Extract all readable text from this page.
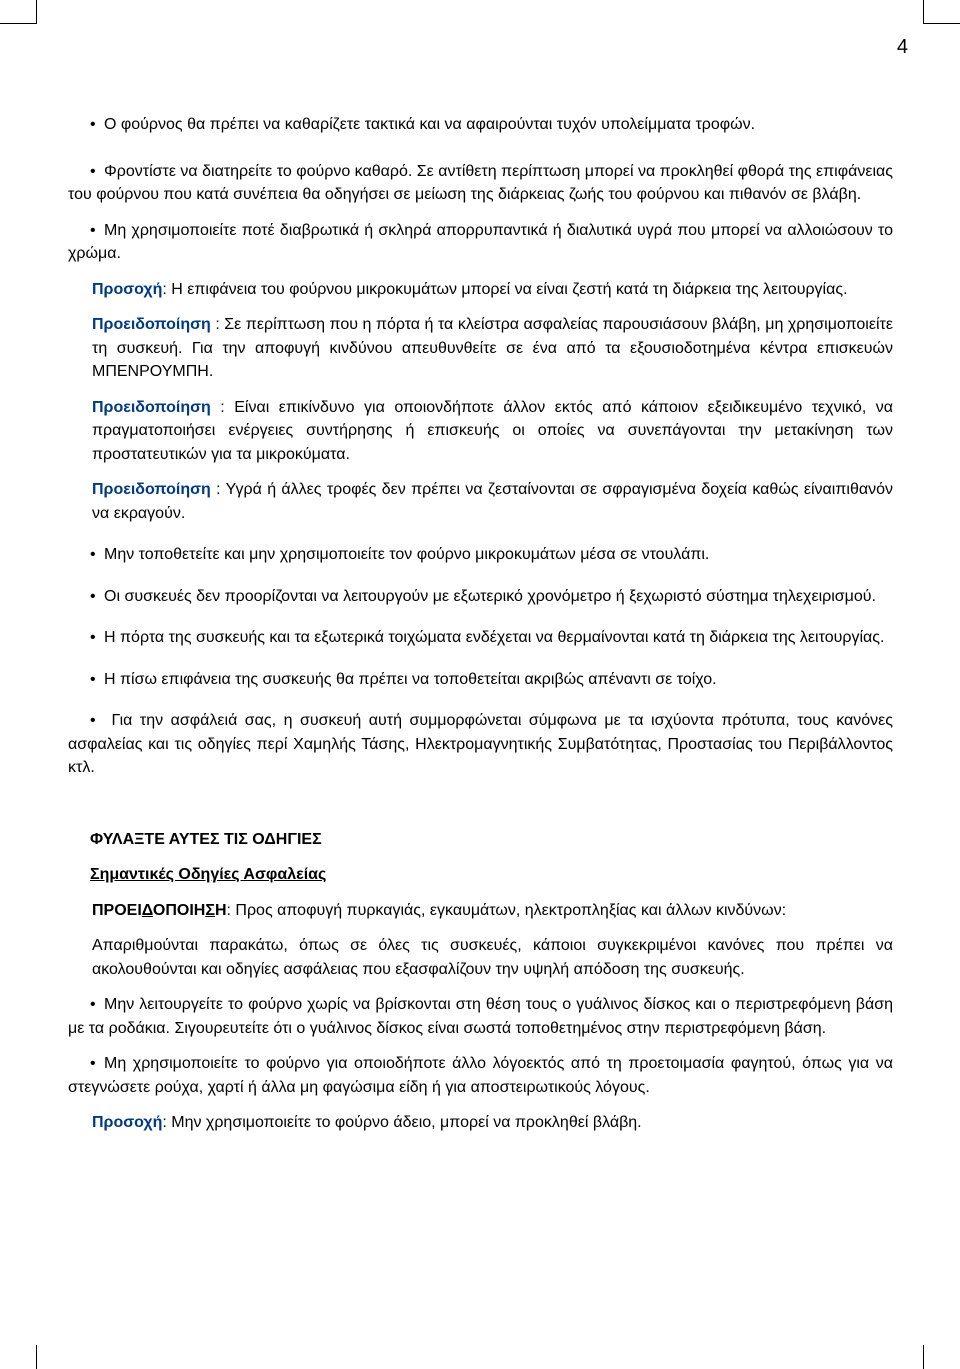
4

• Ο φούρνος θα πρέπει να καθαρίζετε τακτικά και να αφαιρούνται τυχόν υπολείμματα τροφών.

• Φροντίστε να διατηρείτε το φούρνο καθαρό. Σε αντίθετη περίπτωση μπορεί να προκληθεί φθορά της επιφάνειας του φούρνου που κατά συνέπεια θα οδηγήσει σε μείωση της διάρκειας ζωής του φούρνου και πιθανόν σε βλάβη.

• Μη χρησιμοποιείτε ποτέ διαβρωτικά ή σκληρά απορρυπαντικά ή διαλυτικά υγρά που μπορεί να αλλοιώσουν το χρώμα.

Προσοχή: Η επιφάνεια του φούρνου μικροκυμάτων μπορεί να είναι ζεστή κατά τη διάρκεια της λειτουργίας.

Προειδοποίηση : Σε περίπτωση που η πόρτα ή τα κλείστρα ασφαλείας παρουσιάσουν βλάβη, μη χρησιμοποιείτε τη συσκευή. Για την αποφυγή κινδύνου απευθυνθείτε σε ένα από τα εξουσιοδοτημένα κέντρα επισκευών ΜΠΕΝΡΟΥΜΠΗ.

Προειδοποίηση : Είναι επικίνδυνο για οποιονδήποτε άλλον εκτός από κάποιον εξειδικευμένο τεχνικό, να πραγματοποιήσει ενέργειες συντήρησης ή επισκευής οι οποίες να συνεπάγονται την μετακίνηση των προστατευτικών για τα μικροκύματα.

Προειδοποίηση : Υγρά ή άλλες τροφές δεν πρέπει να ζεσταίνονται σε σφραγισμένα δοχεία καθώς είναιπιθανόν να εκραγούν.

• Μην τοποθετείτε και μην χρησιμοποιείτε τον φούρνο μικροκυμάτων μέσα σε ντουλάπι.

• Οι συσκευές δεν προορίζονται να λειτουργούν με εξωτερικό χρονόμετρο ή ξεχωριστό σύστημα τηλεχειρισμού.

• Η πόρτα της συσκευής και τα εξωτερικά τοιχώματα ενδέχεται να θερμαίνονται κατά τη διάρκεια της λειτουργίας.

• Η πίσω επιφάνεια της συσκευής θα πρέπει να τοποθετείται ακριβώς απέναντι σε τοίχο.

• Για την ασφάλειά σας, η συσκευή αυτή συμμορφώνεται σύμφωνα με τα ισχύοντα πρότυπα, τους κανόνες ασφαλείας και τις οδηγίες περί Χαμηλής Τάσης, Ηλεκτρομαγνητικής Συμβατότητας, Προστασίας του Περιβάλλοντος κτλ.

ΦΥΛΑΞΤΕ ΑΥΤΕΣ ΤΙΣ ΟΔΗΓΙΕΣ

Σημαντικές Οδηγίες Ασφαλείας

ΠΡΟΕΙΔΟΠΟΙΗΣΗ: Προς αποφυγή πυρκαγιάς, εγκαυμάτων, ηλεκτροπληξίας και άλλων κινδύνων:

Απαριθμούνται παρακάτω, όπως σε όλες τις συσκευές, κάποιοι συγκεκριμένοι κανόνες που πρέπει να ακολουθούνται και οδηγίες ασφάλειας που εξασφαλίζουν την υψηλή απόδοση της συσκευής.

• Μην λειτουργείτε το φούρνο χωρίς να βρίσκονται στη θέση τους ο γυάλινος δίσκος και ο περιστρεφόμενη βάση με τα ροδάκια. Σιγουρευτείτε ότι ο γυάλινος δίσκος είναι σωστά τοποθετημένος στην περιστρεφόμενη βάση.

• Μη χρησιμοποιείτε το φούρνο για οποιοδήποτε άλλο λόγοεκτός από τη προετοιμασία φαγητού, όπως για να στεγνώσετε ρούχα, χαρτί ή άλλα μη φαγώσιμα είδη ή για αποστειρωτικούς λόγους.

Προσοχή: Μην χρησιμοποιείτε το φούρνο άδειο, μπορεί να προκληθεί βλάβη.
